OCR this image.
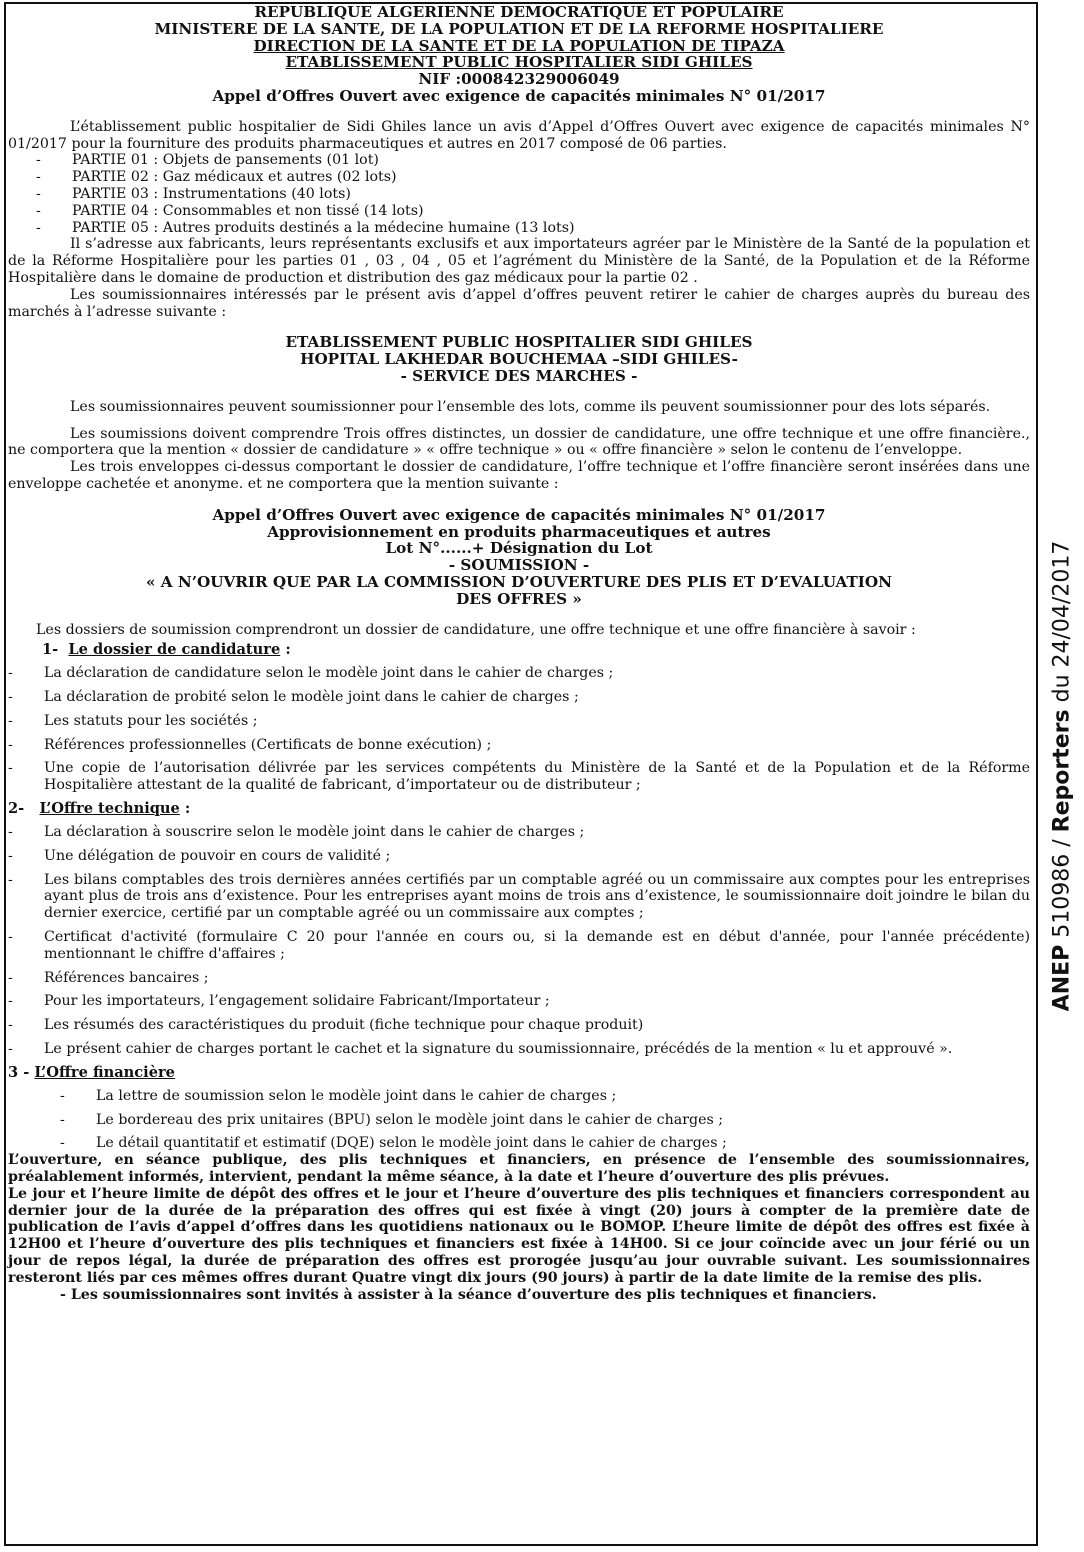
REPUBLIQUE ALGERIENNE DEMOCRATIQUE ET POPULAIRE
MINISTERE DE LA SANTE, DE LA POPULATION ET DE LA REFORME HOSPITALIERE
DIRECTION DE LA SANTE ET DE LA POPULATION DE TIPAZA
ETABLISSEMENT PUBLIC HOSPITALIER SIDI GHILES
NIF :000842329006049
Appel d’Offres Ouvert avec exigence de capacités minimales N° 01/2017

L’établissement public hospitalier de Sidi Ghiles lance un avis d’Appel d’Offres Ouvert avec exigence de capacités minimales N° 01/2017 pour la fourniture des produits pharmaceutiques et autres en 2017 composé de 06 parties.

-	PARTIE 01 : Objets de pansements (01 lot)
-	PARTIE 02 : Gaz médicaux et autres (02 lots)
-	PARTIE 03 : Instrumentations (40 lots)
-	PARTIE 04 : Consommables et non tissé (14 lots)
-	PARTIE 05 : Autres produits destinés a la médecine humaine (13 lots)

Il s’adresse aux fabricants, leurs représentants exclusifs et aux importateurs agréer par le Ministère de la Santé de la population et de la Réforme Hospitalière pour les parties 01 , 03 , 04 , 05 et l’agrément du Ministère de la Santé, de la Population et de la Réforme Hospitalière dans le domaine de production et distribution des gaz médicaux pour la partie 02 .

Les soumissionnaires intéressés par le présent avis d’appel d’offres peuvent retirer le cahier de charges auprès du bureau des marchés à l’adresse suivante :

ETABLISSEMENT PUBLIC HOSPITALIER SIDI GHILES
HOPITAL LAKHEDAR BOUCHEMAA –SIDI GHILES-
- SERVICE DES MARCHES -

Les soumissionnaires peuvent soumissionner pour l’ensemble des lots, comme ils peuvent soumissionner pour des lots séparés.

Les soumissions doivent comprendre Trois offres distinctes, un dossier de candidature, une offre technique et une offre financière., ne comportera que la mention « dossier de candidature » « offre technique » ou « offre financière » selon le contenu de l’enveloppe.

Les trois enveloppes ci-dessus comportant le dossier de candidature, l’offre technique et l’offre financière seront insérées dans une enveloppe cachetée et anonyme. et ne comportera que la mention suivante :

Appel d’Offres Ouvert avec exigence de capacités minimales N° 01/2017
Approvisionnement en produits pharmaceutiques et autres
Lot N°......+ Désignation du Lot
- SOUMISSION -
« A N’OUVRIR QUE PAR LA COMMISSION D’OUVERTURE DES PLIS ET D’EVALUATION
DES OFFRES »

Les dossiers de soumission comprendront un dossier de candidature, une offre technique et une offre financière à savoir :

1- Le dossier de candidature :
-	La déclaration de candidature selon le modèle joint dans le cahier de charges ;
-	La déclaration de probité selon le modèle joint dans le cahier de charges ;
-	Les statuts pour les sociétés ;
-	Références professionnelles (Certificats de bonne exécution) ;
-	Une copie de l’autorisation délivrée par les services compétents du Ministère de la Santé et de la Population et de la Réforme Hospitalière attestant de la qualité de fabricant, d’importateur ou de distributeur ;
2- L’Offre technique :
-	La déclaration à souscrire selon le modèle joint dans le cahier de charges ;
-	Une délégation de pouvoir en cours de validité ;
-	Les bilans comptables des trois dernières années certifiés par un comptable agréé ou un commissaire aux comptes pour les entreprises ayant plus de trois ans d’existence. Pour les entreprises ayant moins de trois ans d’existence, le soumissionnaire doit joindre le bilan du dernier exercice, certifié par un comptable agréé ou un commissaire aux comptes ;
-	Certificat d'activité (formulaire C 20 pour l'année en cours ou, si la demande est en début d'année, pour l'année précédente) mentionnant le chiffre d'affaires ;
-	Références bancaires ;
-	Pour les importateurs, l’engagement solidaire Fabricant/Importateur ;
-	Les résumés des caractéristiques du produit (fiche technique pour chaque produit)
-	Le présent cahier de charges portant le cachet et la signature du soumissionnaire, précédés de la mention « lu et approuvé ».
3 - L’Offre financière
-	La lettre de soumission selon le modèle joint dans le cahier de charges ;
-	Le bordereau des prix unitaires (BPU) selon le modèle joint dans le cahier de charges ;
-	Le détail quantitatif et estimatif (DQE) selon le modèle joint dans le cahier de charges ;

L’ouverture, en séance publique, des plis techniques et financiers, en présence de l’ensemble des soumissionnaires, préalablement informés, intervient, pendant la même séance, à la date et l’heure d’ouverture des plis prévues.

Le jour et l’heure limite de dépôt des offres et le jour et l’heure d’ouverture des plis techniques et financiers correspondent au dernier jour de la durée de la préparation des offres qui est fixée à vingt (20) jours à compter de la première date de publication de l’avis d’appel d’offres dans les quotidiens nationaux ou le BOMOP. L’heure limite de dépôt des offres est fixée à 12H00 et l’heure d’ouverture des plis techniques et financiers est fixée à 14H00. Si ce jour coïncide avec un jour férié ou un jour de repos légal, la durée de préparation des offres est prorogée jusqu’au jour ouvrable suivant. Les soumissionnaires resteront liés par ces mêmes offres durant Quatre vingt dix jours (90 jours) à partir de la date limite de la remise des plis.

- Les soumissionnaires sont invités à assister à la séance d’ouverture des plis techniques et financiers.

ANEP 510986 / Reporters du 24/04/2017
